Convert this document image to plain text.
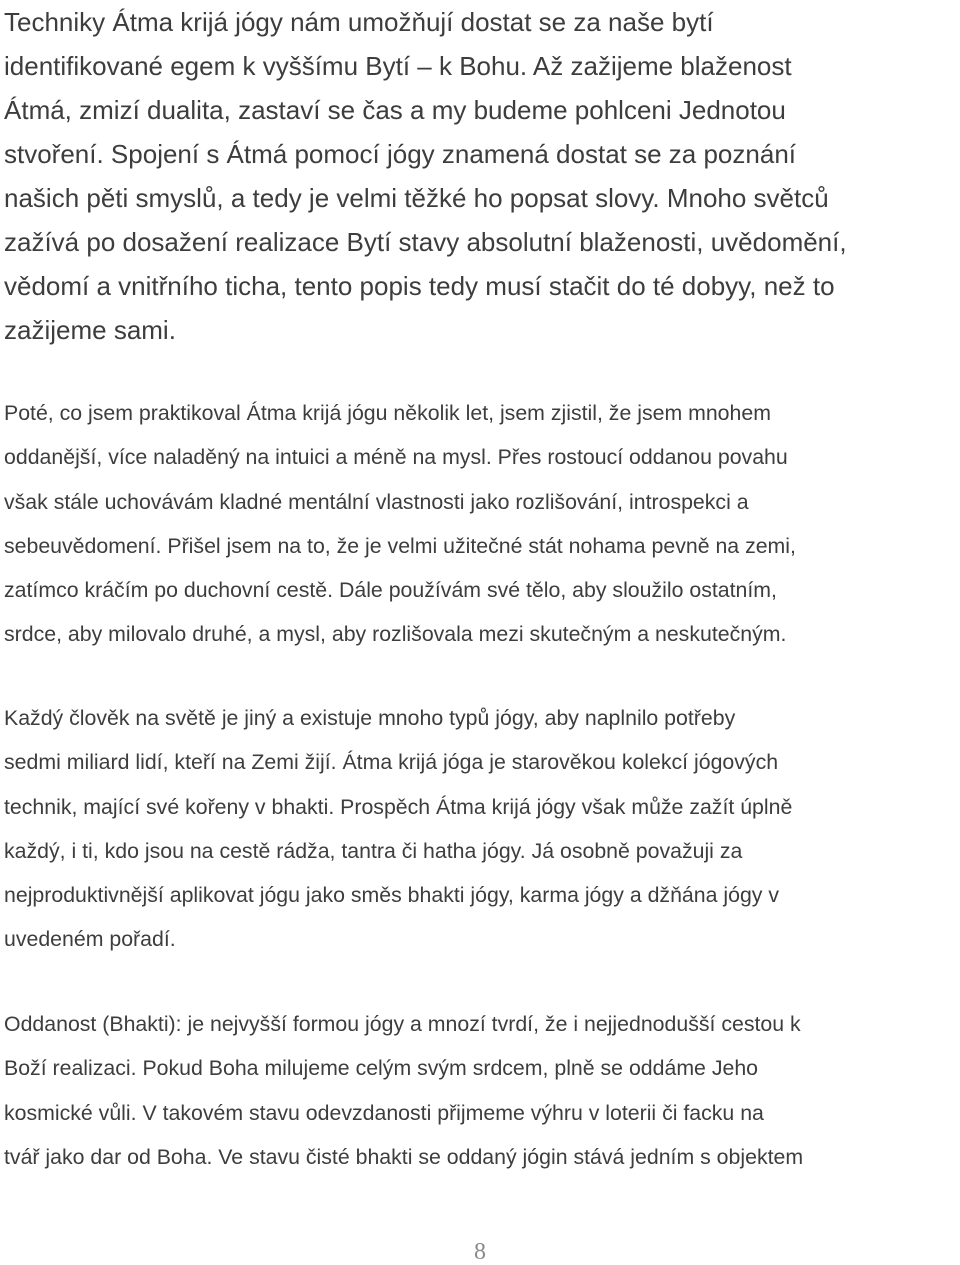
Techniky Átma krijá jógy nám umožňují dostat se za naše bytí
identifikované egem k vyššímu Bytí – k Bohu. Až zažijeme blaženost
Átmá, zmizí dualita, zastaví se čas a my budeme pohlceni Jednotou
stvoření. Spojení s Átmá pomocí jógy znamená dostat se za poznání
našich pěti smyslů, a tedy je velmi těžké ho popsat slovy. Mnoho světců
zažívá po dosažení realizace Bytí stavy absolutní blaženosti, uvědomění,
vědomí a vnitřního ticha, tento popis tedy musí stačit do té dobyy, než to
zažijeme sami.

Poté, co jsem praktikoval Átma krijá jógu několik let, jsem zjistil, že jsem mnohem
oddanější, více naladěný na intuici a méně na mysl. Přes rostoucí oddanou povahu
však stále uchovávám kladné mentální vlastnosti jako rozlišování, introspekci a
sebeuvědomení. Přišel jsem na to, že je velmi užitečné stát nohama pevně na zemi,
zatímco kráčím po duchovní cestě. Dále používám své tělo, aby sloužilo ostatním,
srdce, aby milovalo druhé, a mysl, aby rozlišovala mezi skutečným a neskutečným.

Každý člověk na světě je jiný a existuje mnoho typů jógy, aby naplnilo potřeby
sedmi miliard lidí, kteří na Zemi žijí. Átma krijá jóga je starověkou kolekcí jógových
technik, mající své kořeny v bhakti. Prospěch Átma krijá jógy však může zažít úplně
každý, i ti, kdo jsou na cestě rádža, tantra či hatha jógy. Já osobně považuji za
nejproduktivnější aplikovat jógu jako směs bhakti jógy, karma jógy a džňána jógy v
uvedeném pořadí.

Oddanost (Bhakti): je nejvyšší formou jógy a mnozí tvrdí, že i nejjednodušší cestou k
Boží realizaci. Pokud Boha milujeme celým svým srdcem, plně se oddáme Jeho
kosmické vůli. V takovém stavu odevzdanosti přijmeme výhru v loterii či facku na
tvář jako dar od Boha. Ve stavu čisté bhakti se oddaný jógin stává jedním s objektem

8
